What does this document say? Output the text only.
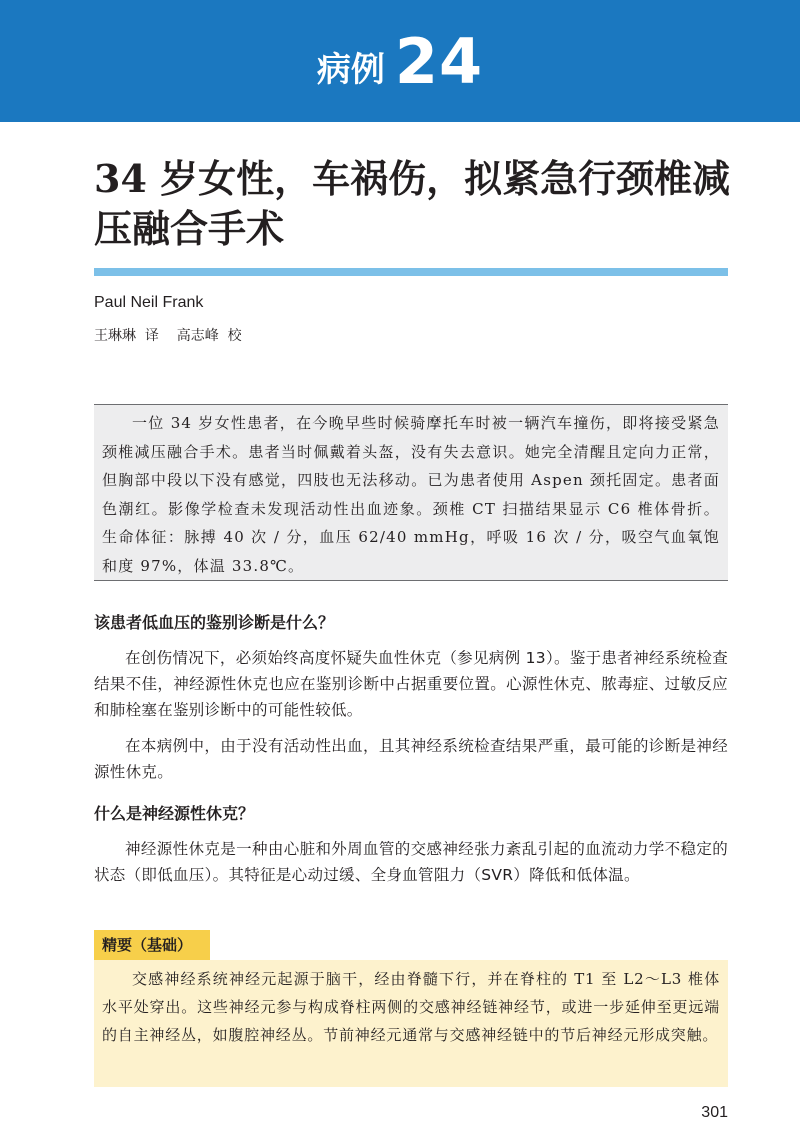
病例 24
34 岁女性，车祸伤，拟紧急行颈椎减压融合手术
Paul Neil Frank
王琳琳  译    高志峰  校
一位 34 岁女性患者，在今晚早些时候骑摩托车时被一辆汽车撞伤，即将接受紧急颈椎减压融合手术。患者当时佩戴着头盔，没有失去意识。她完全清醒且定向力正常，但胸部中段以下没有感觉，四肢也无法移动。已为患者使用 Aspen 颈托固定。患者面色潮红。影像学检查未发现活动性出血迹象。颈椎 CT 扫描结果显示 C6 椎体骨折。生命体征：脉搏 40 次 / 分，血压 62/40 mmHg，呼吸 16 次 / 分，吸空气血氧饱和度 97%，体温 33.8℃。
该患者低血压的鉴别诊断是什么？

在创伤情况下，必须始终高度怀疑失血性休克（参见病例 13）。鉴于患者神经系统检查结果不佳，神经源性休克也应在鉴别诊断中占据重要位置。心源性休克、脓毒症、过敏反应和肺栓塞在鉴别诊断中的可能性较低。

在本病例中，由于没有活动性出血，且其神经系统检查结果严重，最可能的诊断是神经源性休克。

什么是神经源性休克？

神经源性休克是一种由心脏和外周血管的交感神经张力紊乱引起的血流动力学不稳定的状态（即低血压）。其特征是心动过缓、全身血管阻力（SVR）降低和低体温。

精要（基础）
交感神经系统神经元起源于脑干，经由脊髓下行，并在脊柱的 T1 至 L2～L3 椎体水平处穿出。这些神经元参与构成脊柱两侧的交感神经链神经节，或进一步延伸至更远端的自主神经丛，如腹腔神经丛。节前神经元通常与交感神经链中的节后神经元形成突触。
301
